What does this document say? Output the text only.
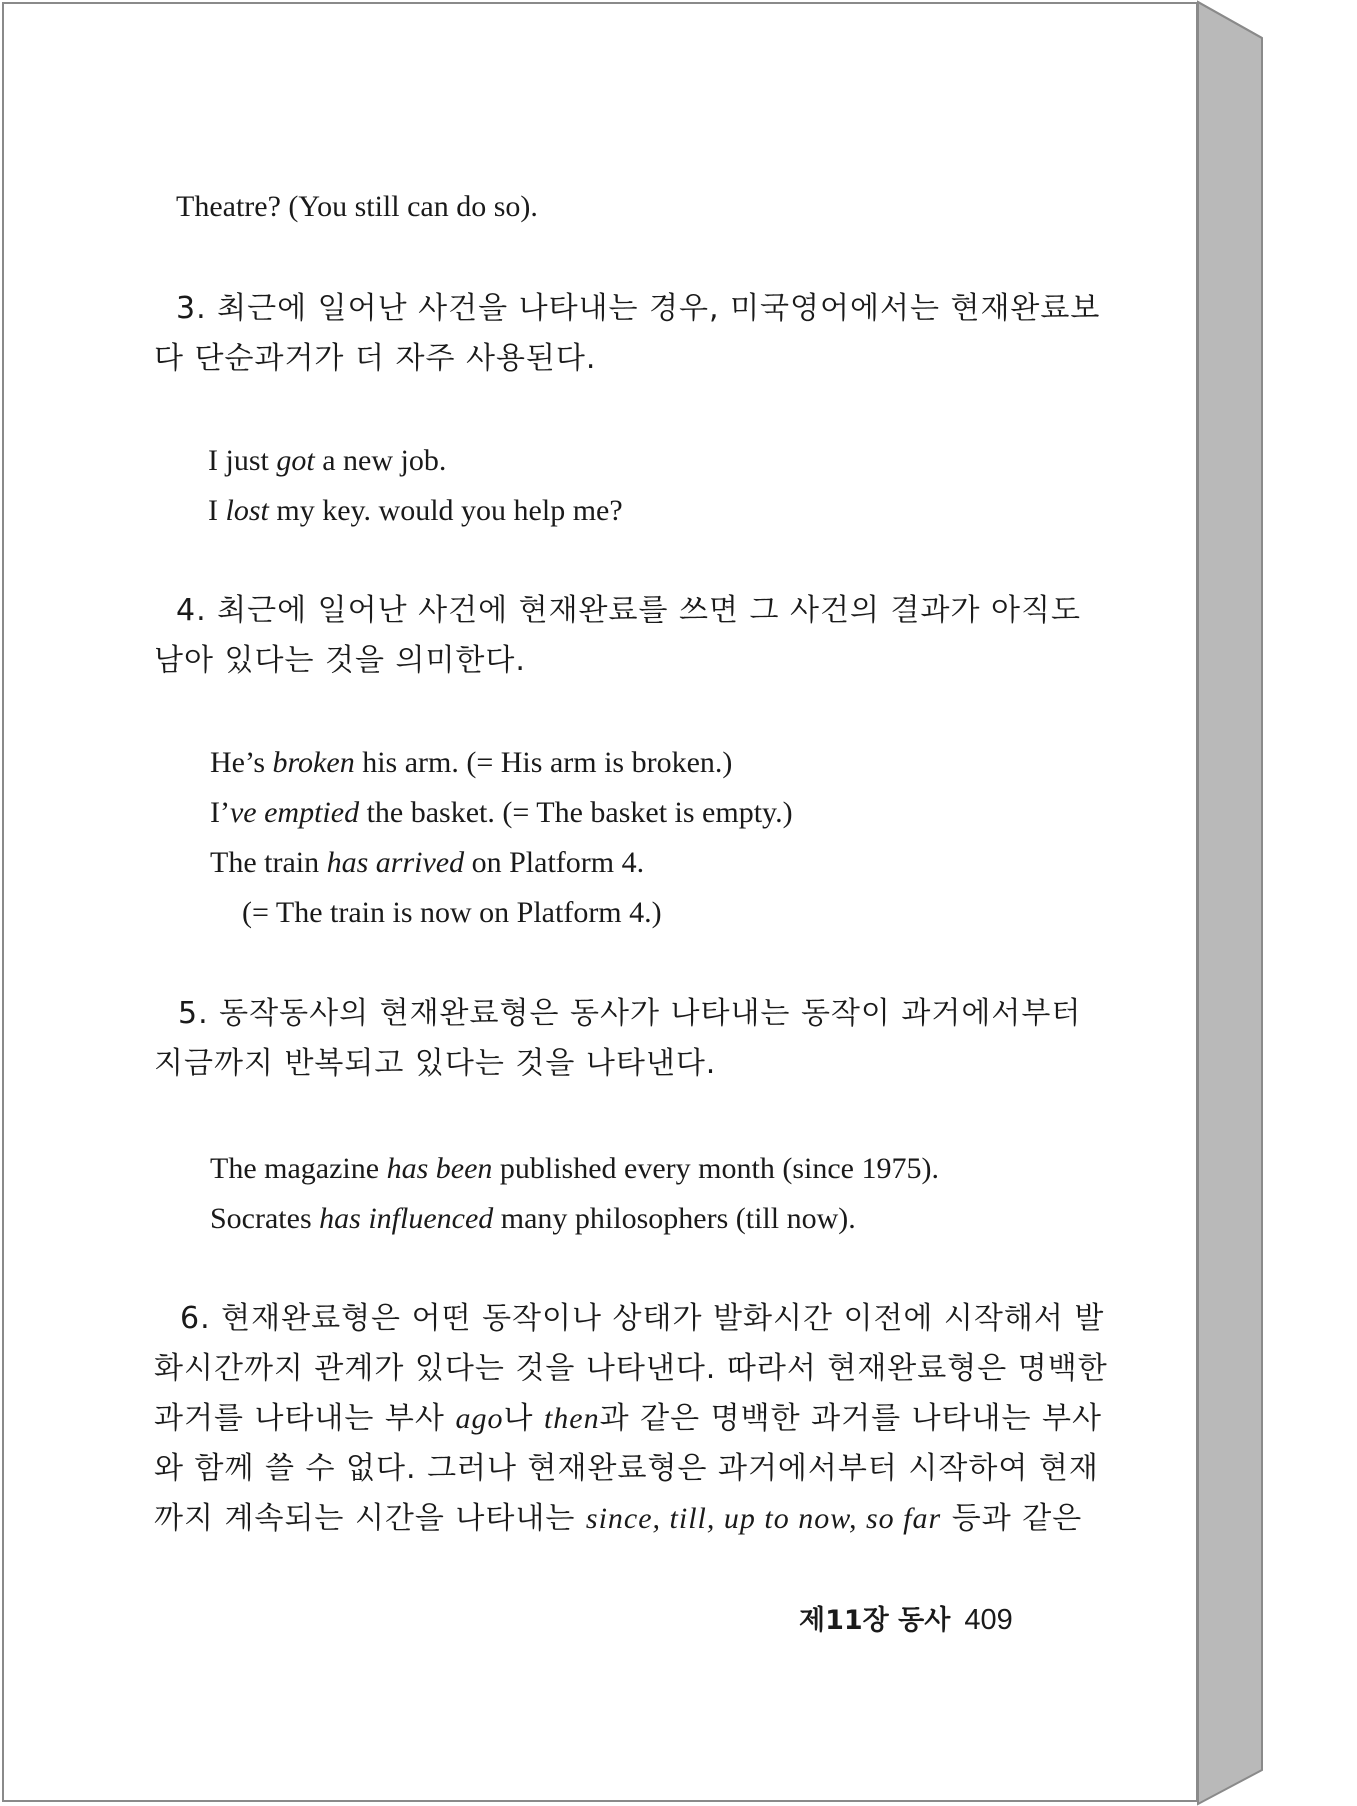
Theatre? (You still can do so).
3. 최근에 일어난 사건을 나타내는 경우, 미국영어에서는 현재완료보
다 단순과거가 더 자주 사용된다.
I just got a new job.
I lost my key. would you help me?
4. 최근에 일어난 사건에 현재완료를 쓰면 그 사건의 결과가 아직도
남아 있다는 것을 의미한다.
He’s broken his arm. (= His arm is broken.)
I’ve emptied the basket. (= The basket is empty.)
The train has arrived on Platform 4.
(= The train is now on Platform 4.)
5. 동작동사의 현재완료형은 동사가 나타내는 동작이 과거에서부터
지금까지 반복되고 있다는 것을 나타낸다.
The magazine has been published every month (since 1975).
Socrates has influenced many philosophers (till now).
6. 현재완료형은 어떤 동작이나 상태가 발화시간 이전에 시작해서 발
화시간까지 관계가 있다는 것을 나타낸다. 따라서 현재완료형은 명백한
과거를 나타내는 부사 ago나 then과 같은 명백한 과거를 나타내는 부사
와 함께 쓸 수 없다. 그러나 현재완료형은 과거에서부터 시작하여 현재
까지 계속되는 시간을 나타내는 since, till, up to now, so far 등과 같은
제11장 동사 409
